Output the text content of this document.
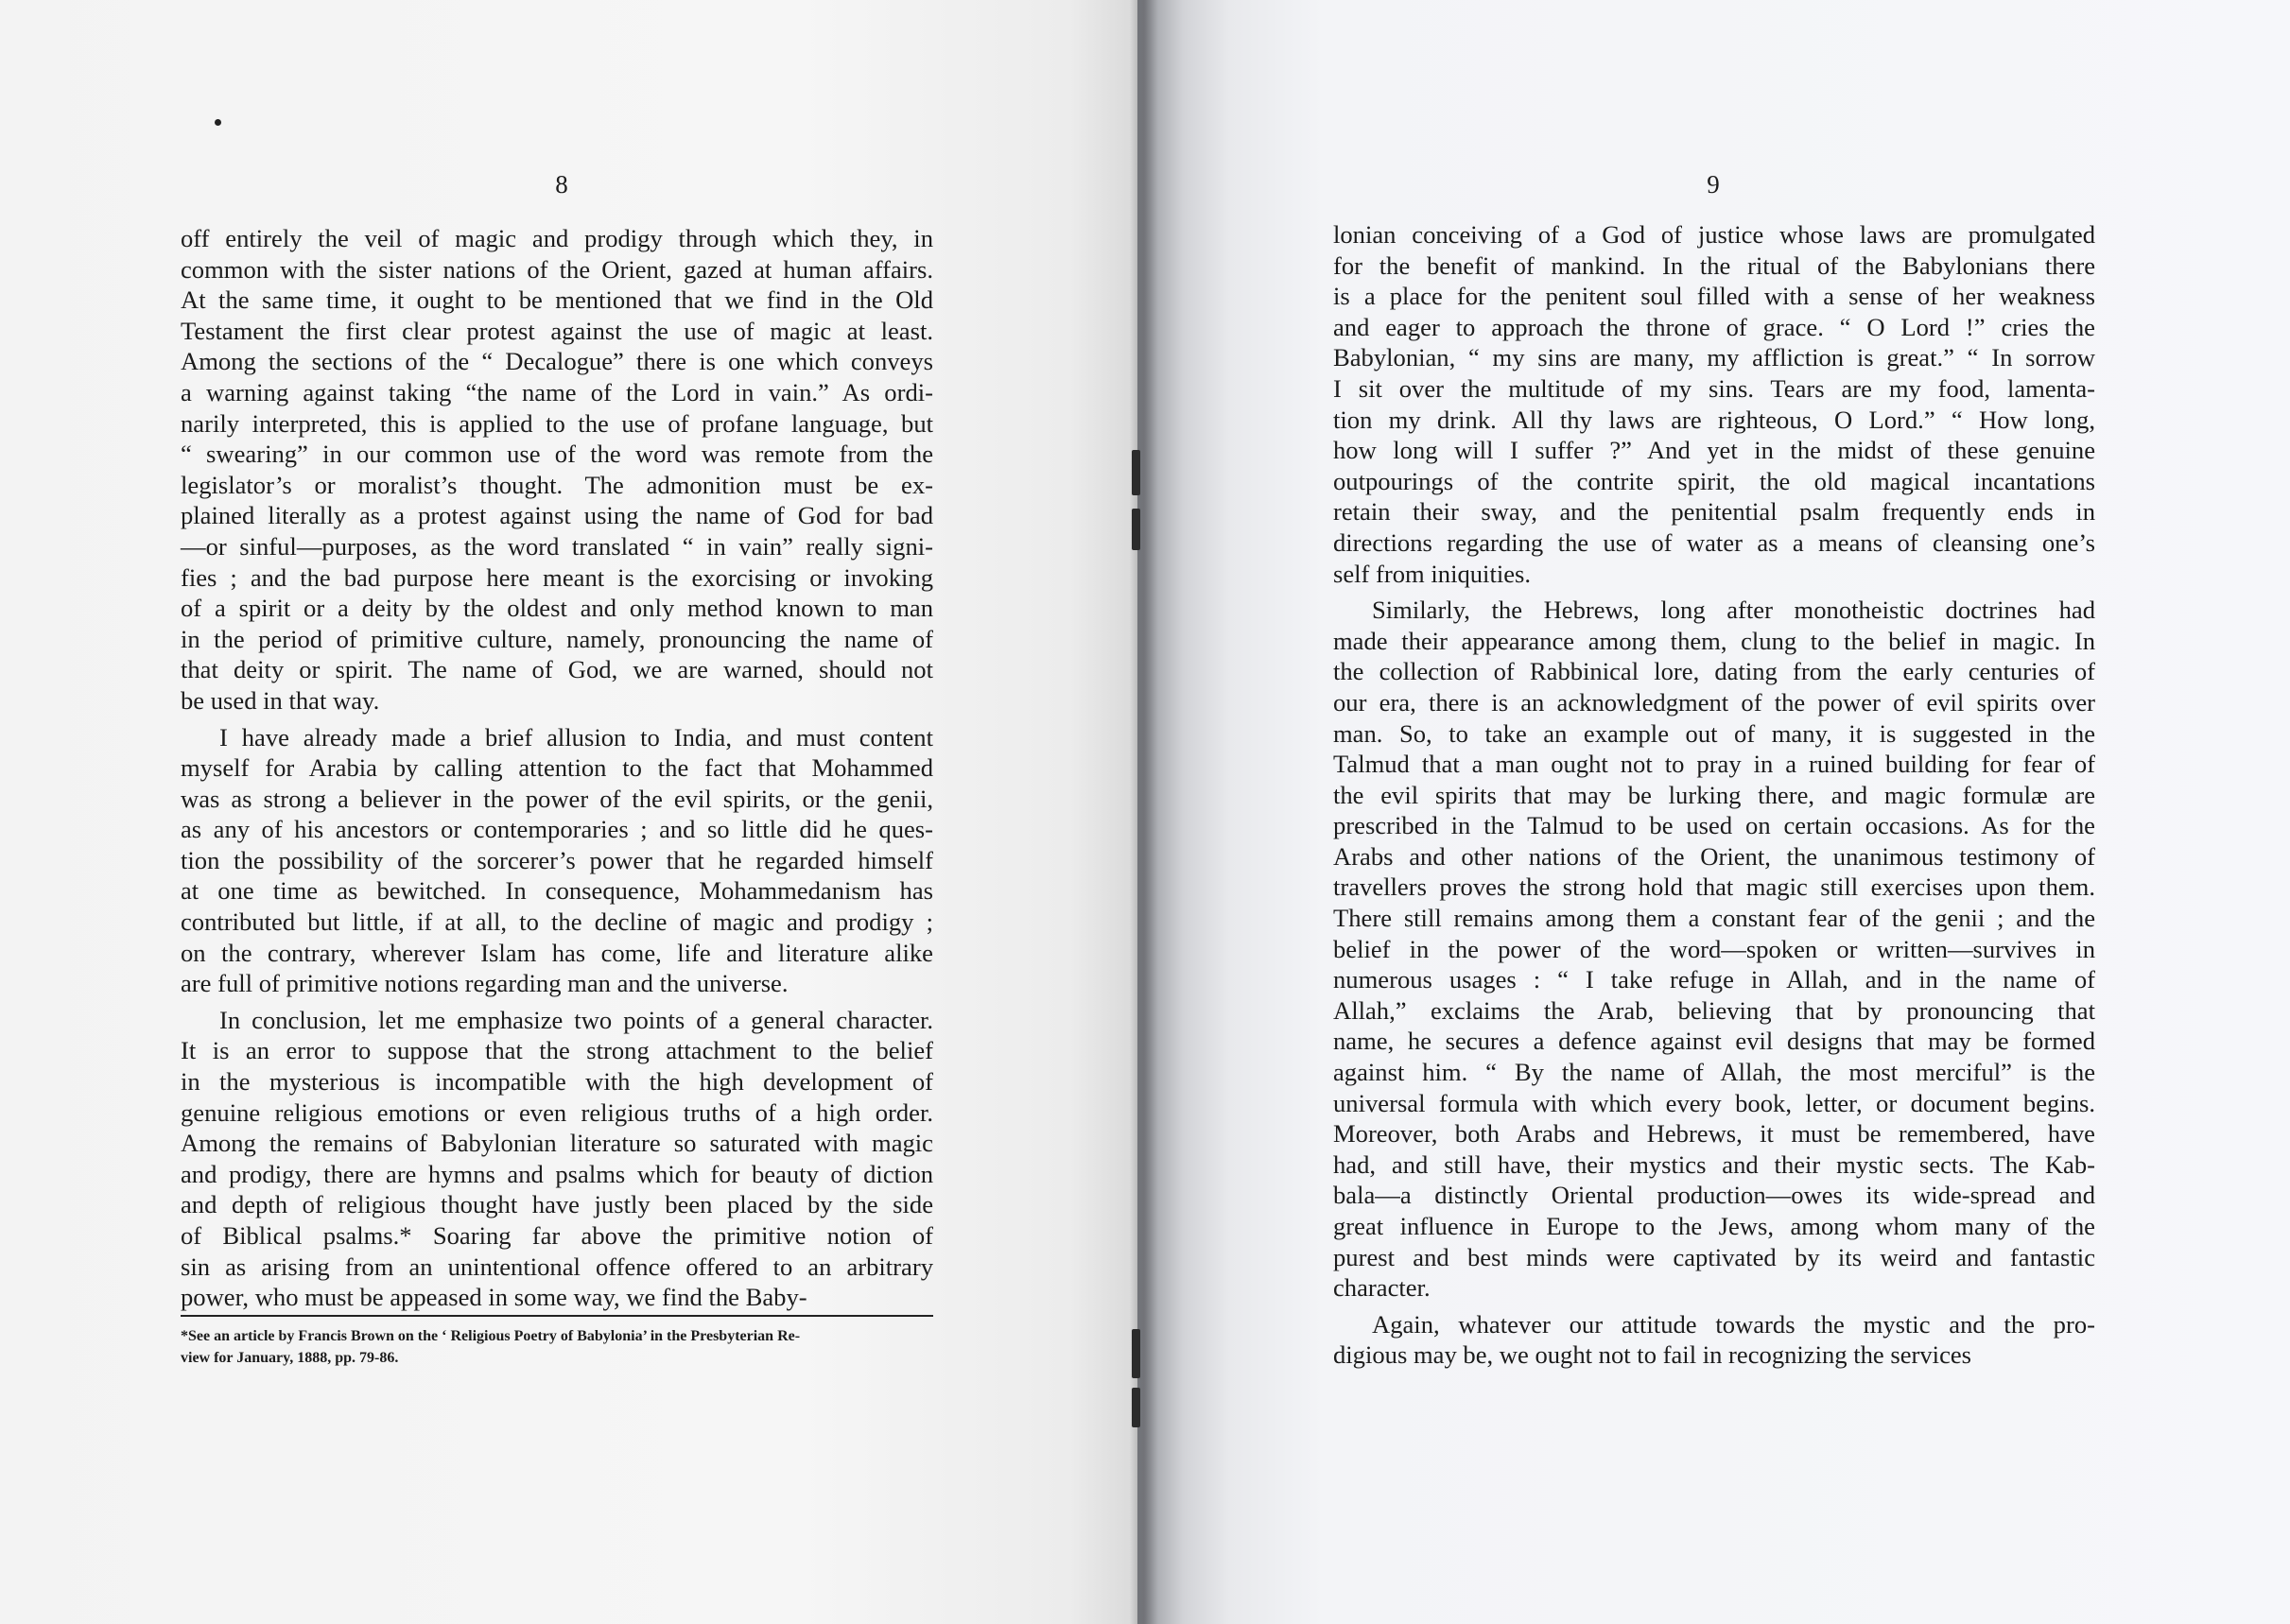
8
off entirely the veil of magic and prodigy through which they, in
common with the sister nations of the Orient, gazed at human affairs.
At the same time, it ought to be mentioned that we find in the Old
Testament the first clear protest against the use of magic at least.
Among the sections of the “ Decalogue” there is one which conveys
a warning against taking “the name of the Lord in vain.” As ordi-
narily interpreted, this is applied to the use of profane language, but
“ swearing” in our common use of the word was remote from the
legislator’s or moralist’s thought. The admonition must be ex-
plained literally as a protest against using the name of God for bad
—or sinful—purposes, as the word translated “ in vain” really signi-
fies ; and the bad purpose here meant is the exorcising or invoking
of a spirit or a deity by the oldest and only method known to man
in the period of primitive culture, namely, pronouncing the name of
that deity or spirit. The name of God, we are warned, should not
be used in that way.
I have already made a brief allusion to India, and must content
myself for Arabia by calling attention to the fact that Mohammed
was as strong a believer in the power of the evil spirits, or the genii,
as any of his ancestors or contemporaries ; and so little did he ques-
tion the possibility of the sorcerer’s power that he regarded himself
at one time as bewitched. In consequence, Mohammedanism has
contributed but little, if at all, to the decline of magic and prodigy ;
on the contrary, wherever Islam has come, life and literature alike
are full of primitive notions regarding man and the universe.
In conclusion, let me emphasize two points of a general character.
It is an error to suppose that the strong attachment to the belief
in the mysterious is incompatible with the high development of
genuine religious emotions or even religious truths of a high order.
Among the remains of Babylonian literature so saturated with magic
and prodigy, there are hymns and psalms which for beauty of diction
and depth of religious thought have justly been placed by the side
of Biblical psalms.* Soaring far above the primitive notion of
sin as arising from an unintentional offence offered to an arbitrary
power, who must be appeased in some way, we find the Baby-
*See an article by Francis Brown on the ‘ Religious Poetry of Babylonia’ in the Presbyterian Re-
view for January, 1888, pp. 79-86.
9
lonian conceiving of a God of justice whose laws are promulgated
for the benefit of mankind. In the ritual of the Babylonians there
is a place for the penitent soul filled with a sense of her weakness
and eager to approach the throne of grace. “ O Lord !” cries the
Babylonian, “ my sins are many, my affliction is great.” “ In sorrow
I sit over the multitude of my sins. Tears are my food, lamenta-
tion my drink. All thy laws are righteous, O Lord.” “ How long,
how long will I suffer ?” And yet in the midst of these genuine
outpourings of the contrite spirit, the old magical incantations
retain their sway, and the penitential psalm frequently ends in
directions regarding the use of water as a means of cleansing one’s
self from iniquities.
Similarly, the Hebrews, long after monotheistic doctrines had
made their appearance among them, clung to the belief in magic. In
the collection of Rabbinical lore, dating from the early centuries of
our era, there is an acknowledgment of the power of evil spirits over
man. So, to take an example out of many, it is suggested in the
Talmud that a man ought not to pray in a ruined building for fear of
the evil spirits that may be lurking there, and magic formulæ are
prescribed in the Talmud to be used on certain occasions. As for the
Arabs and other nations of the Orient, the unanimous testimony of
travellers proves the strong hold that magic still exercises upon them.
There still remains among them a constant fear of the genii ; and the
belief in the power of the word—spoken or written—survives in
numerous usages : “ I take refuge in Allah, and in the name of
Allah,” exclaims the Arab, believing that by pronouncing that
name, he secures a defence against evil designs that may be formed
against him. “ By the name of Allah, the most merciful” is the
universal formula with which every book, letter, or document begins.
Moreover, both Arabs and Hebrews, it must be remembered, have
had, and still have, their mystics and their mystic sects. The Kab-
bala—a distinctly Oriental production—owes its wide-spread and
great influence in Europe to the Jews, among whom many of the
purest and best minds were captivated by its weird and fantastic
character.
Again, whatever our attitude towards the mystic and the pro-
digious may be, we ought not to fail in recognizing the services
